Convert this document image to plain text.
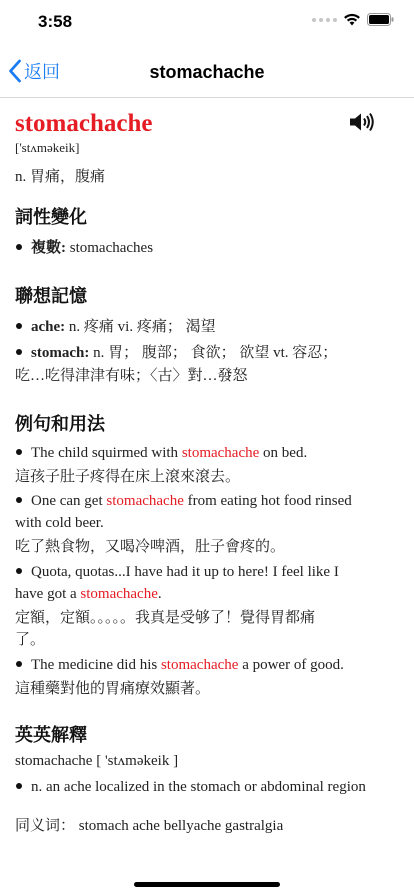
3:58
stomachache
返回
stomachache
['stʌməkeik]
n. 胃痛，腹痛
詞性變化
複數: stomachaches
聯想記憶
ache: n. 疼痛 vi. 疼痛； 渴望
stomach: n. 胃； 腹部； 食欲； 欲望 vt. 容忍；
吃…吃得津津有味；〈古〉對…發怒
例句和用法
The child squirmed with stomachache on bed.
這孩子肚子疼得在床上滾來滾去。
One can get stomachache from eating hot food rinsed
with cold beer.
吃了熱食物，又喝冷啤酒，肚子會疼的。
Quota, quotas...I have had it up to here! I feel like I
have got a stomachache.
定額，定額。。。。。我真是受够了！覺得胃都痛
了。
The medicine did his stomachache a power of good.
這種藥對他的胃痛療效顯著。
英英解釋
stomachache [ 'stʌməkeik ]
n. an ache localized in the stomach or abdominal region
同义词： stomach ache bellyache gastralgia
